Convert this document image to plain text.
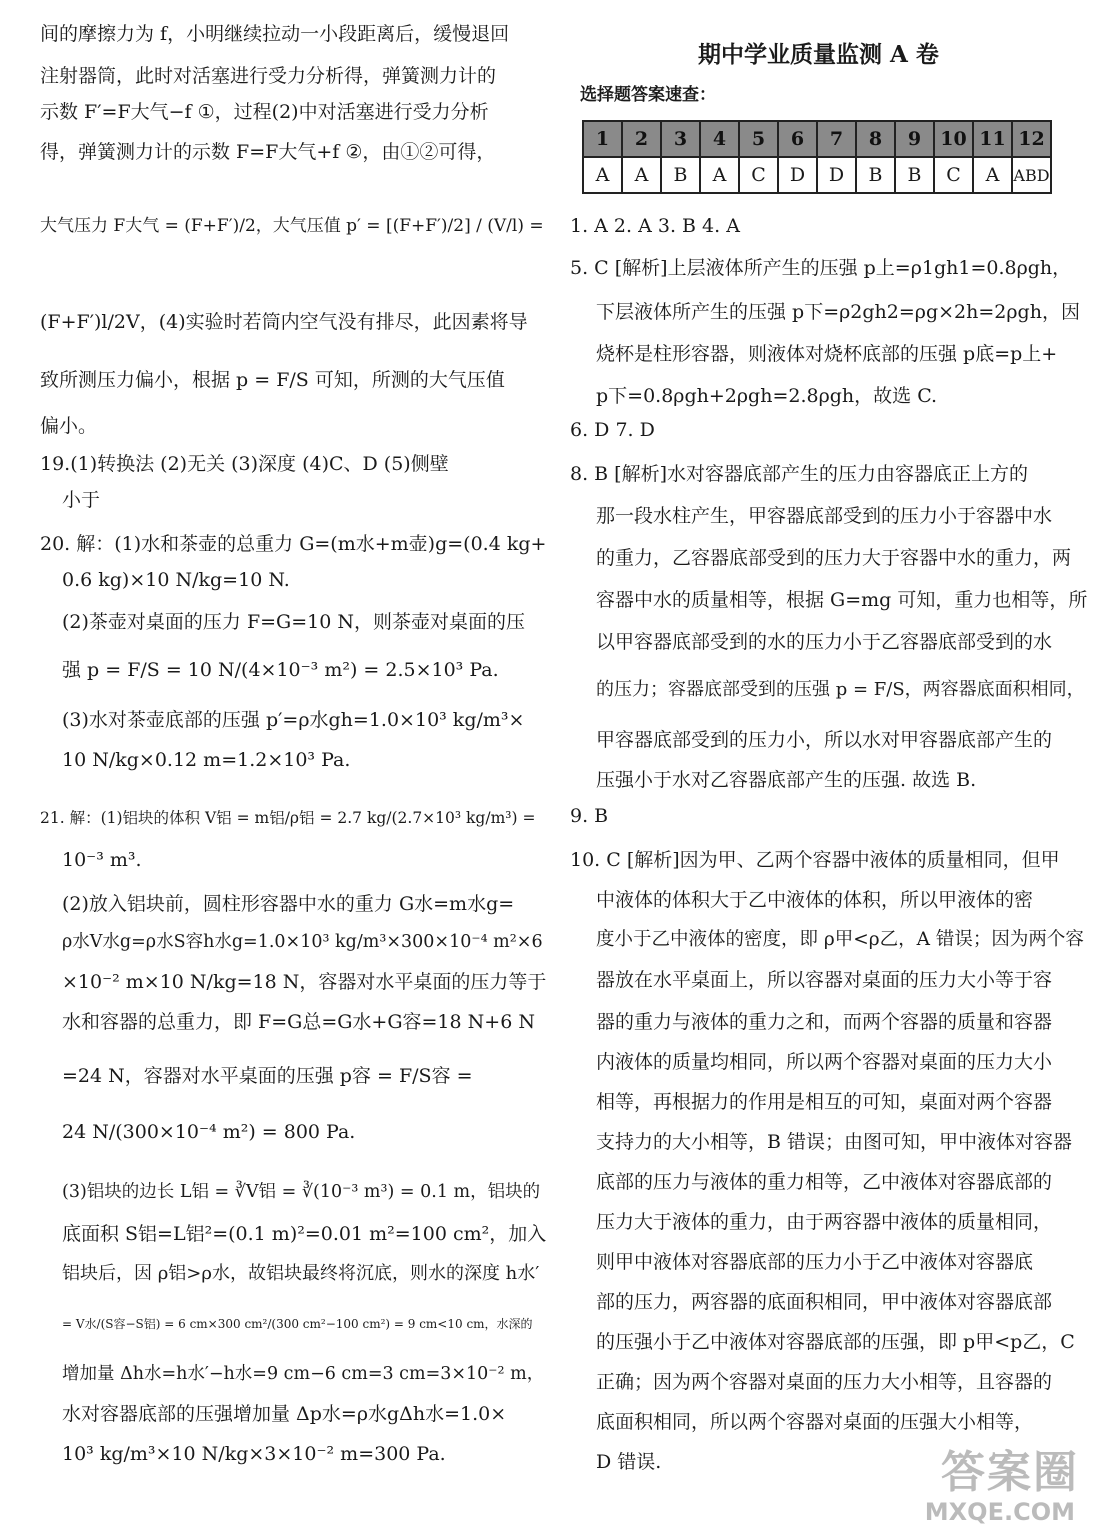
间的摩擦力为 f，小明继续拉动一小段距离后，缓慢退回
注射器筒，此时对活塞进行受力分析得，弹簧测力计的
示数 F′=F大气−f ①，过程(2)中对活塞进行受力分析
得，弹簧测力计的示数 F=F大气+f ②，由①②可得，
大气压力 F大气 = (F+F′)/2，大气压值 p′ = [(F+F′)/2] / (V/l) =
(F+F′)l/2V，(4)实验时若筒内空气没有排尽，此因素将导
致所测压力偏小，根据 p = F/S 可知，所测的大气压值
偏小。
19.(1)转换法 (2)无关 (3)深度 (4)C、D (5)侧壁
小于
20. 解：(1)水和茶壶的总重力 G=(m水+m壶)g=(0.4 kg+
0.6 kg)×10 N/kg=10 N.
(2)茶壶对桌面的压力 F=G=10 N，则茶壶对桌面的压
强 p = F/S = 10 N/(4×10⁻³ m²) = 2.5×10³ Pa.
(3)水对茶壶底部的压强 p′=ρ水gh=1.0×10³ kg/m³×
10 N/kg×0.12 m=1.2×10³ Pa.
21. 解：(1)铝块的体积 V铝 = m铝/ρ铝 = 2.7 kg/(2.7×10³ kg/m³) =
10⁻³ m³.
(2)放入铝块前，圆柱形容器中水的重力 G水=m水g=
ρ水V水g=ρ水S容h水g=1.0×10³ kg/m³×300×10⁻⁴ m²×6
×10⁻² m×10 N/kg=18 N，容器对水平桌面的压力等于
水和容器的总重力，即 F=G总=G水+G容=18 N+6 N
=24 N，容器对水平桌面的压强 p容 = F/S容 =
24 N/(300×10⁻⁴ m²) = 800 Pa.
(3)铝块的边长 L铝 = ∛V铝 = ∛(10⁻³ m³) = 0.1 m，铝块的
底面积 S铝=L铝²=(0.1 m)²=0.01 m²=100 cm²，加入
铝块后，因 ρ铝>ρ水，故铝块最终将沉底，则水的深度 h水′
= V水/(S容−S铝) = 6 cm×300 cm²/(300 cm²−100 cm²) = 9 cm<10 cm，水深的
增加量 Δh水=h水′−h水=9 cm−6 cm=3 cm=3×10⁻² m，
水对容器底部的压强增加量 Δp水=ρ水gΔh水=1.0×
10³ kg/m³×10 N/kg×3×10⁻² m=300 Pa.
期中学业质量监测 A 卷
选择题答案速查：
1	2	3	4	5	6	7	8	9	10	11	12
A	A	B	A	C	D	D	B	B	C	A	ABD
1. A 2. A 3. B 4. A
5. C [解析]上层液体所产生的压强 p上=ρ1gh1=0.8ρgh，
下层液体所产生的压强 p下=ρ2gh2=ρg×2h=2ρgh，因
烧杯是柱形容器，则液体对烧杯底部的压强 p底=p上+
p下=0.8ρgh+2ρgh=2.8ρgh，故选 C.
6. D 7. D
8. B [解析]水对容器底部产生的压力由容器底正上方的
那一段水柱产生，甲容器底部受到的压力小于容器中水
的重力，乙容器底部受到的压力大于容器中水的重力，两
容器中水的质量相等，根据 G=mg 可知，重力也相等，所
以甲容器底部受到的水的压力小于乙容器底部受到的水
的压力；容器底部受到的压强 p = F/S，两容器底面积相同，
甲容器底部受到的压力小，所以水对甲容器底部产生的
压强小于水对乙容器底部产生的压强. 故选 B.
9. B
10. C [解析]因为甲、乙两个容器中液体的质量相同，但甲
中液体的体积大于乙中液体的体积，所以甲液体的密
度小于乙中液体的密度，即 ρ甲<ρ乙，A 错误；因为两个容
器放在水平桌面上，所以容器对桌面的压力大小等于容
器的重力与液体的重力之和，而两个容器的质量和容器
内液体的质量均相同，所以两个容器对桌面的压力大小
相等，再根据力的作用是相互的可知，桌面对两个容器
支持力的大小相等，B 错误；由图可知，甲中液体对容器
底部的压力与液体的重力相等，乙中液体对容器底部的
压力大于液体的重力，由于两容器中液体的质量相同，
则甲中液体对容器底部的压力小于乙中液体对容器底
部的压力，两容器的底面积相同，甲中液体对容器底部
的压强小于乙中液体对容器底部的压强，即 p甲<p乙，C
正确；因为两个容器对桌面的压力大小相等，且容器的
底面积相同，所以两个容器对桌面的压强大小相等，
D 错误.	答案圈
MXQE.COM
